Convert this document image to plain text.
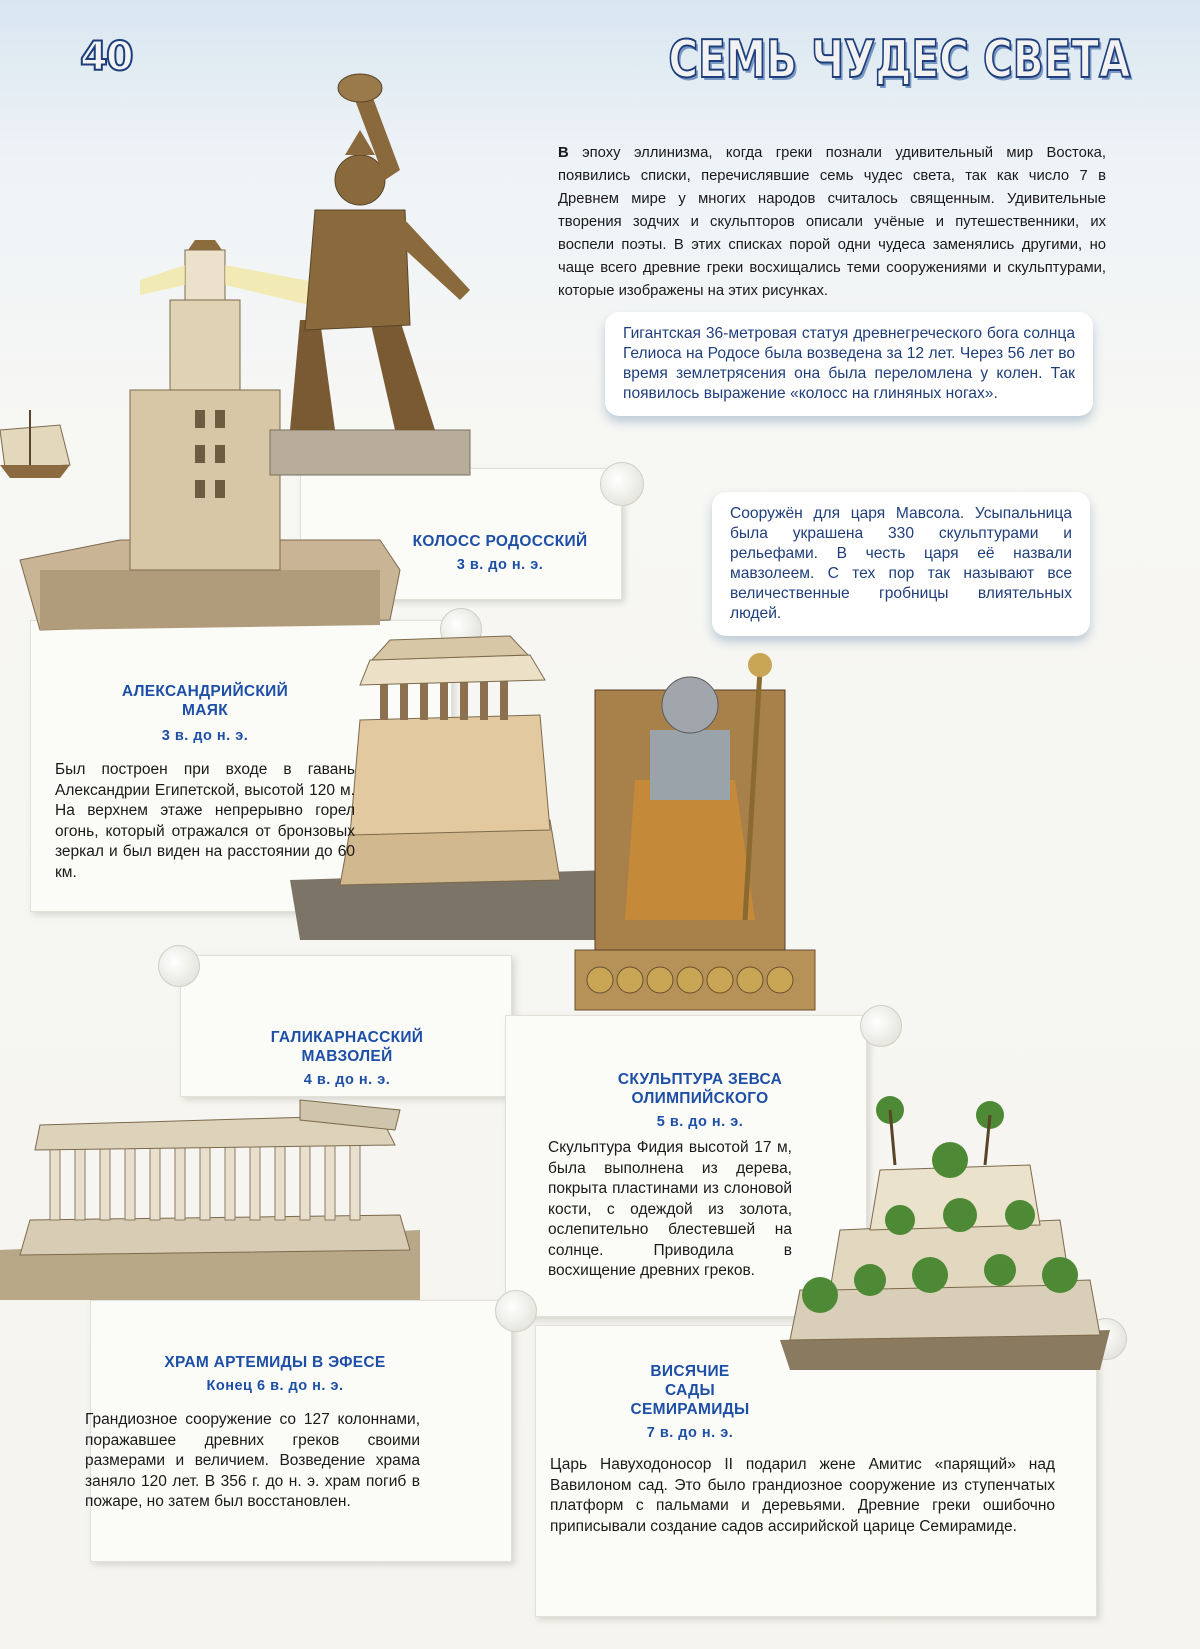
40	СЕМЬ ЧУДЕС СВЕТА
В эпоху эллинизма, когда греки познали удивительный мир Востока, появились списки, перечислявшие семь чудес света, так как число 7 в Древнем мире у многих народов считалось священным. Удивительные творения зодчих и скульпторов описали учёные и путешественники, их воспели поэты. В этих списках порой одни чудеса заменялись другими, но чаще всего древние греки восхищались теми сооружениями и скульптурами, которые изображены на этих рисунках.
Гигантская 36-метровая статуя древнегреческого бога солнца Гелиоса на Родосе была возведена за 12 лет. Через 56 лет во время землетрясения она была переломлена у колен. Так появилось выражение «колосс на глиняных ногах».
Сооружён для царя Мавсола. Усыпальница была украшена 330 скульптурами и рельефами. В честь царя её назвали мавзолеем. С тех пор так называют все величественные гробницы влиятельных людей.
КОЛОСС РОДОССКИЙ
3 в. до н. э.
АЛЕКСАНДРИЙСКИЙ
МАЯК
3 в. до н. э.
Был построен при входе в гавань Александрии Египетской, высотой 120 м. На верхнем этаже непрерывно горел огонь, который отражался от бронзовых зеркал и был виден на расстоянии до 60 км.
ГАЛИКАРНАССКИЙ
МАВЗОЛЕЙ
4 в. до н. э.	СКУЛЬПТУРА ЗЕВСА
ОЛИМПИЙСКОГО
5 в. до н. э.
Скульптура Фидия высотой 17 м, была выполнена из дерева, покрыта пластинами из слоновой кости, с одеждой из золота, ослепительно блестевшей на солнце. Приводила в восхищение древних греков.
ХРАМ АРТЕМИДЫ В ЭФЕСЕ
Конец 6 в. до н. э.
Грандиозное сооружение со 127 колоннами, поражавшее древних греков своими размерами и величием. Возведение храма заняло 120 лет. В 356 г. до н. э. храм погиб в пожаре, но затем был восстановлен.
ВИСЯЧИЕ
САДЫ
СЕМИРАМИДЫ
7 в. до н. э.
Царь Навуходоносор II подарил жене Амитис «парящий» над Вавилоном сад. Это было грандиозное сооружение из ступенчатых платформ с пальмами и деревьями. Древние греки ошибочно приписывали создание садов ассирийской царице Семирамиде.
